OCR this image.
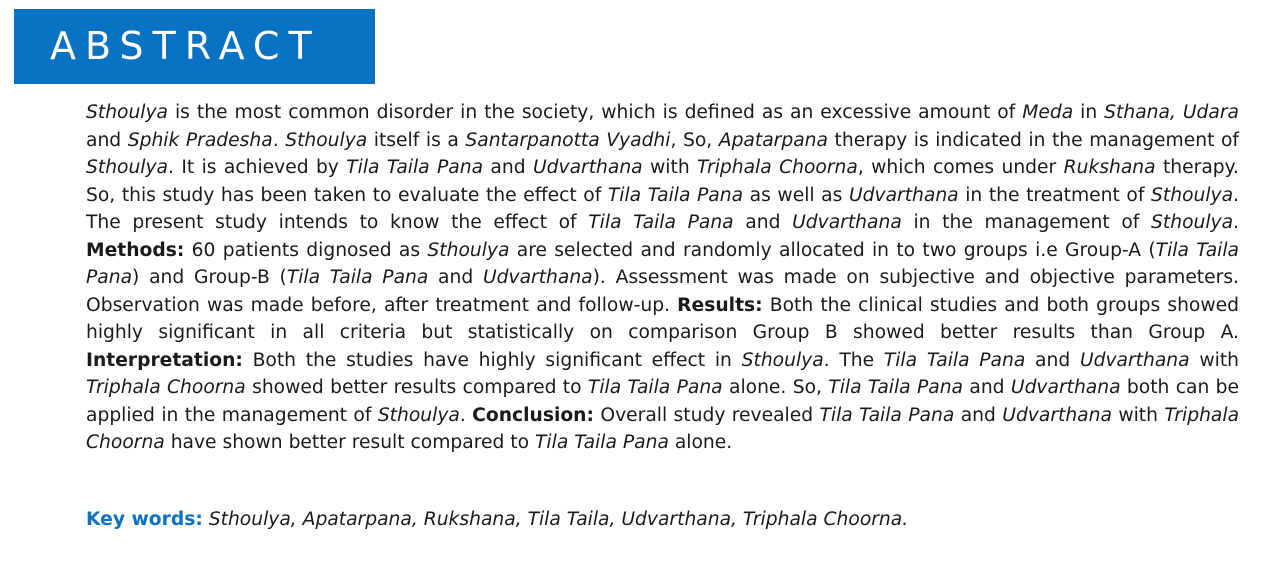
ABSTRACT

Sthoulya is the most common disorder in the society, which is defined as an excessive amount of Meda in Sthana, Udara and Sphik Pradesha. Sthoulya itself is a Santarpanotta Vyadhi, So, Apatarpana therapy is indicated in the management of Sthoulya. It is achieved by Tila Taila Pana and Udvarthana with Triphala Choorna, which comes under Rukshana therapy. So, this study has been taken to evaluate the effect of Tila Taila Pana as well as Udvarthana in the treatment of Sthoulya. The present study intends to know the effect of Tila Taila Pana and Udvarthana in the management of Sthoulya. Methods: 60 patients dignosed as Sthoulya are selected and randomly allocated in to two groups i.e Group-A (Tila Taila Pana) and Group-B (Tila Taila Pana and Udvarthana). Assessment was made on subjective and objective parameters. Observation was made before, after treatment and follow-up. Results: Both the clinical studies and both groups showed highly significant in all criteria but statistically on comparison Group B showed better results than Group A. Interpretation: Both the studies have highly significant effect in Sthoulya. The Tila Taila Pana and Udvarthana with Triphala Choorna showed better results compared to Tila Taila Pana alone. So, Tila Taila Pana and Udvarthana both can be applied in the management of Sthoulya. Conclusion: Overall study revealed Tila Taila Pana and Udvarthana with Triphala Choorna have shown better result compared to Tila Taila Pana alone.

Key words: Sthoulya, Apatarpana, Rukshana, Tila Taila, Udvarthana, Triphala Choorna.
